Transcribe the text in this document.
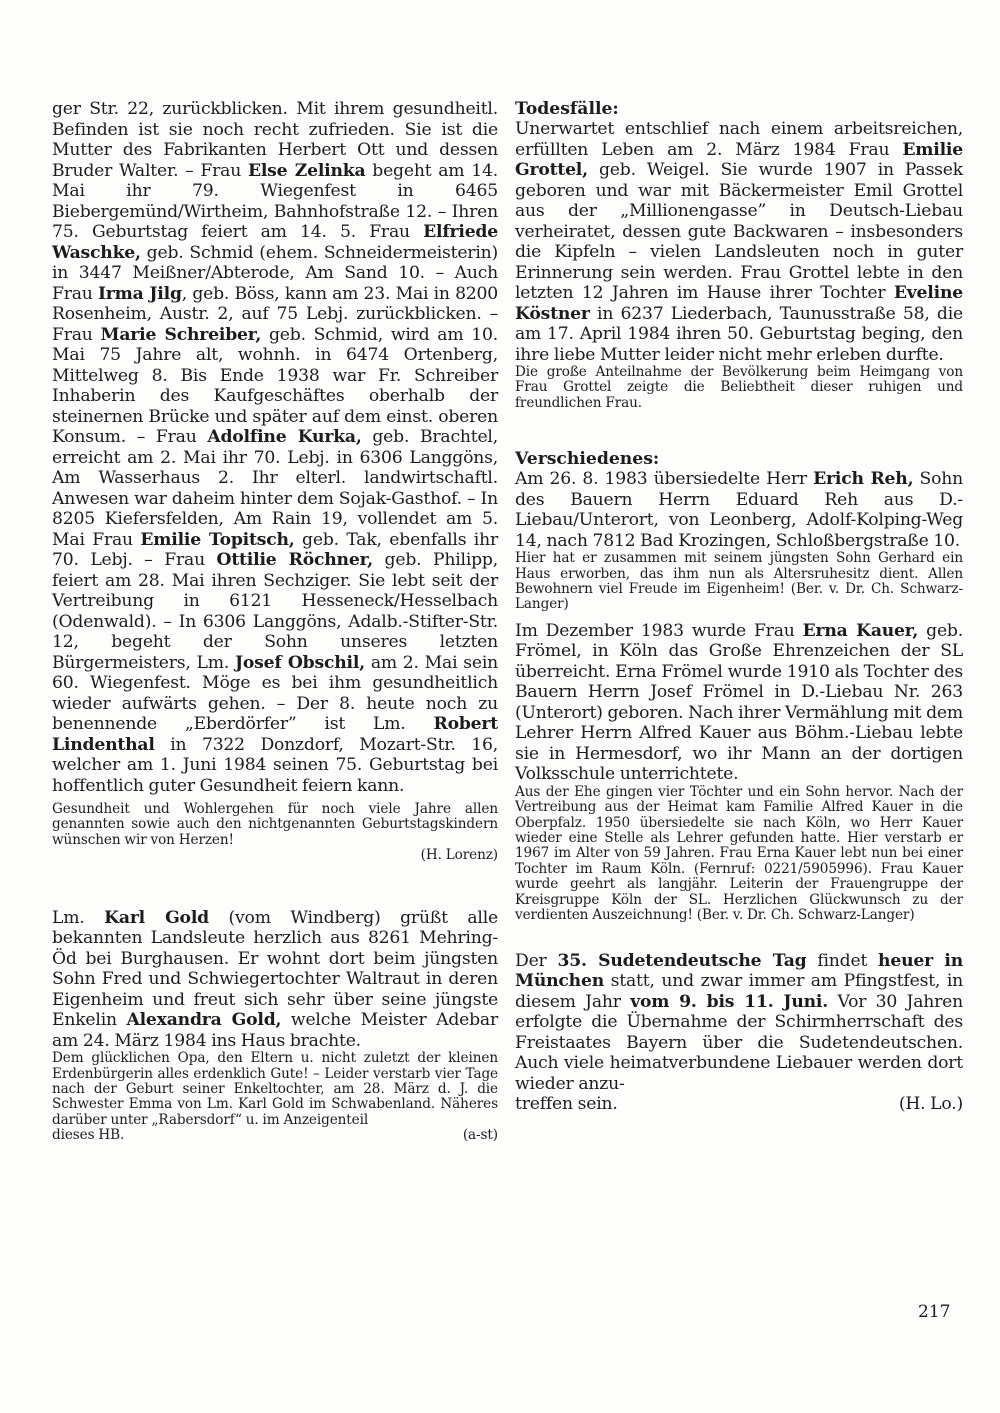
ger Str. 22, zurückblicken. Mit ihrem gesundheitl. Befinden ist sie noch recht zufrieden. Sie ist die Mutter des Fabrikanten Herbert Ott und dessen Bruder Walter. – Frau Else Zelinka begeht am 14. Mai ihr 79. Wiegenfest in 6465 Biebergemünd/Wirtheim, Bahnhofstraße 12. – Ihren 75. Geburtstag feiert am 14. 5. Frau Elfriede Waschke, geb. Schmid (ehem. Schneidermeisterin) in 3447 Meißner/Abterode, Am Sand 10. – Auch Frau Irma Jilg, geb. Böss, kann am 23. Mai in 8200 Rosenheim, Austr. 2, auf 75 Lebj. zurückblicken. – Frau Marie Schreiber, geb. Schmid, wird am 10. Mai 75 Jahre alt, wohnh. in 6474 Ortenberg, Mittelweg 8. Bis Ende 1938 war Fr. Schreiber Inhaberin des Kaufgeschäftes oberhalb der steinernen Brücke und später auf dem einst. oberen Konsum. – Frau Adolfine Kurka, geb. Brachtel, erreicht am 2. Mai ihr 70. Lebj. in 6306 Langgöns, Am Wasserhaus 2. Ihr elterl. landwirtschaftl. Anwesen war daheim hinter dem Sojak-Gasthof. – In 8205 Kiefersfelden, Am Rain 19, vollendet am 5. Mai Frau Emilie Topitsch, geb. Tak, ebenfalls ihr 70. Lebj. – Frau Ottilie Röchner, geb. Philipp, feiert am 28. Mai ihren Sechziger. Sie lebt seit der Vertreibung in 6121 Hesseneck/Hesselbach (Odenwald). – In 6306 Langgöns, Adalb.-Stifter-Str. 12, begeht der Sohn unseres letzten Bürgermeisters, Lm. Josef Obschil, am 2. Mai sein 60. Wiegenfest. Möge es bei ihm gesundheitlich wieder aufwärts gehen. – Der 8. heute noch zu benennende „Eberdörfer” ist Lm. Robert Lindenthal in 7322 Donzdorf, Mozart-Str. 16, welcher am 1. Juni 1984 seinen 75. Geburtstag bei hoffentlich guter Gesundheit feiern kann.

Gesundheit und Wohlergehen für noch viele Jahre allen genannten sowie auch den nichtgenannten Geburtstagskindern wünschen wir von Herzen!

(H. Lorenz)

Lm. Karl Gold (vom Windberg) grüßt alle bekannten Landsleute herzlich aus 8261 Mehring-Öd bei Burghausen. Er wohnt dort beim jüngsten Sohn Fred und Schwiegertochter Waltraut in deren Eigenheim und freut sich sehr über seine jüngste Enkelin Alexandra Gold, welche Meister Adebar am 24. März 1984 ins Haus brachte.

Dem glücklichen Opa, den Eltern u. nicht zuletzt der kleinen Erdenbürgerin alles erdenklich Gute! – Leider verstarb vier Tage nach der Geburt seiner Enkeltochter, am 28. März d. J. die Schwester Emma von Lm. Karl Gold im Schwabenland. Näheres darüber unter „Rabersdorf“ u. im Anzeigenteil

dieses HB.	(a-st)
Todesfälle:

Unerwartet entschlief nach einem arbeitsreichen, erfüllten Leben am 2. März 1984 Frau Emilie Grottel, geb. Weigel. Sie wurde 1907 in Passek geboren und war mit Bäckermeister Emil Grottel aus der „Millionengasse” in Deutsch-Liebau verheiratet, dessen gute Backwaren – insbesonders die Kipfeln – vielen Landsleuten noch in guter Erinnerung sein werden. Frau Grottel lebte in den letzten 12 Jahren im Hause ihrer Tochter Eveline Köstner in 6237 Liederbach, Taunusstraße 58, die am 17. April 1984 ihren 50. Geburtstag beging, den ihre liebe Mutter leider nicht mehr erleben durfte.

Die große Anteilnahme der Bevölkerung beim Heimgang von Frau Grottel zeigte die Beliebtheit dieser ruhigen und freundlichen Frau.

Verschiedenes:

Am 26. 8. 1983 übersiedelte Herr Erich Reh, Sohn des Bauern Herrn Eduard Reh aus D.-Liebau/Unterort, von Leonberg, Adolf-Kolping-Weg 14, nach 7812 Bad Krozingen, Schloßbergstraße 10.

Hier hat er zusammen mit seinem jüngsten Sohn Gerhard ein Haus erworben, das ihm nun als Altersruhesitz dient. Allen Bewohnern viel Freude im Eigenheim! (Ber. v. Dr. Ch. Schwarz-Langer)

Im Dezember 1983 wurde Frau Erna Kauer, geb. Frömel, in Köln das Große Ehrenzeichen der SL überreicht. Erna Frömel wurde 1910 als Tochter des Bauern Herrn Josef Frömel in D.-Liebau Nr. 263 (Unterort) geboren. Nach ihrer Vermählung mit dem Lehrer Herrn Alfred Kauer aus Böhm.-Liebau lebte sie in Hermesdorf, wo ihr Mann an der dortigen Volksschule unterrichtete.

Aus der Ehe gingen vier Töchter und ein Sohn hervor. Nach der Vertreibung aus der Heimat kam Familie Alfred Kauer in die Oberpfalz. 1950 übersiedelte sie nach Köln, wo Herr Kauer wieder eine Stelle als Lehrer gefunden hatte. Hier verstarb er 1967 im Alter von 59 Jahren. Frau Erna Kauer lebt nun bei einer Tochter im Raum Köln. (Fernruf: 0221/5905996). Frau Kauer wurde geehrt als langjähr. Leiterin der Frauengruppe der Kreisgruppe Köln der SL. Herzlichen Glückwunsch zu der verdienten Auszeichnung! (Ber. v. Dr. Ch. Schwarz-Langer)

Der 35. Sudetendeutsche Tag findet heuer in München statt, und zwar immer am Pfingstfest, in diesem Jahr vom 9. bis 11. Juni. Vor 30 Jahren erfolgte die Übernahme der Schirmherrschaft des Freistaates Bayern über die Sudetendeutschen. Auch viele heimatverbundene Liebauer werden dort wieder anzu-

treffen sein.	(H. Lo.)
217
